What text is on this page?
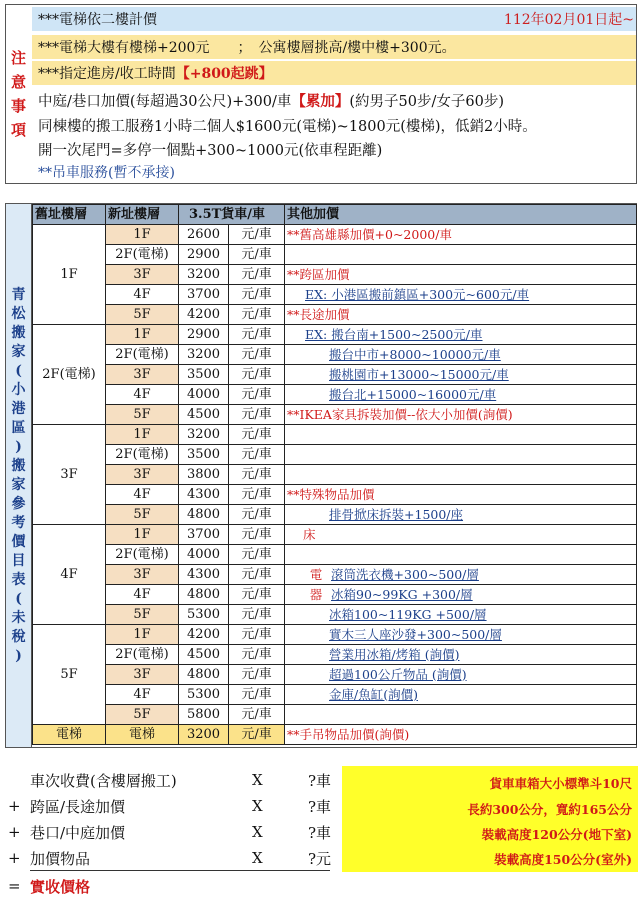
注
意
事
項
***電梯依二樓計價	112年02月01日起~
***電梯大樓有樓梯+200元　　；　公寓樓層挑高/樓中樓+300元。
***指定進房/收工時間 【+800起跳】
中庭/巷口加價(每超過30公尺)+300/車 【累加】 (約男子50步/女子60步)
同棟樓的搬工服務1小時二個人$1600元(電梯)~1800元(樓梯)，低銷2小時。
開一次尾門=多停一個點+300~1000元(依車程距離)
**吊車服務(暫不承接)
青
松
搬
家
(
小
港
區
)
搬
家
參
考
價
目
表
(
未
稅
)
舊址樓層	新址樓層	3.5T貨車/車		其他加價
1F	1F	2600	元/車	**舊高雄縣加價+0~2000/車
	2F(電梯)	2900	元/車	
	3F	3200	元/車	**跨區加價
	4F	3700	元/車	EX: 小港區搬前鎮區+300元~600元/車
	5F	4200	元/車	**長途加價
2F(電梯)	1F	2900	元/車	EX: 搬台南+1500~2500元/車
	2F(電梯)	3200	元/車	搬台中市+8000~10000元/車
	3F	3500	元/車	搬桃園市+13000~15000元/車
	4F	4000	元/車	搬台北+15000~16000元/車
	5F	4500	元/車	**IKEA家具拆裝加價--依大小加價(詢價)
3F	1F	3200	元/車	
	2F(電梯)	3500	元/車	
	3F	3800	元/車	
	4F	4300	元/車	**特殊物品加價
	5F	4800	元/車	排骨掀床拆裝+1500/座
4F	1F	3700	元/車	床
	2F(電梯)	4000	元/車	
	3F	4300	元/車	電 滾筒洗衣機+300~500/層
	4F	4800	元/車	器 冰箱90~99KG +300/層
	5F	5300	元/車	冰箱100~119KG +500/層
5F	1F	4200	元/車	實木三人座沙發+300~500/層
	2F(電梯)	4500	元/車	營業用冰箱/烤箱 (詢價)
	3F	4800	元/車	超過100公斤物品 (詢價)
	4F	5300	元/車	金庫/魚缸(詢價)
	5F	5800	元/車	
電梯	電梯	3200	元/車	**手吊物品加價(詢價)
車次收費(含樓層搬工)	X	?車
+ 跨區/長途加價	X	?車
+ 巷口/中庭加價	X	?車
+ 加價物品	X	?元
= 實收價格
貨車車箱大小標準斗10尺
長約300公分，寬約165公分
裝載高度120公分(地下室)
裝載高度150公分(室外)
